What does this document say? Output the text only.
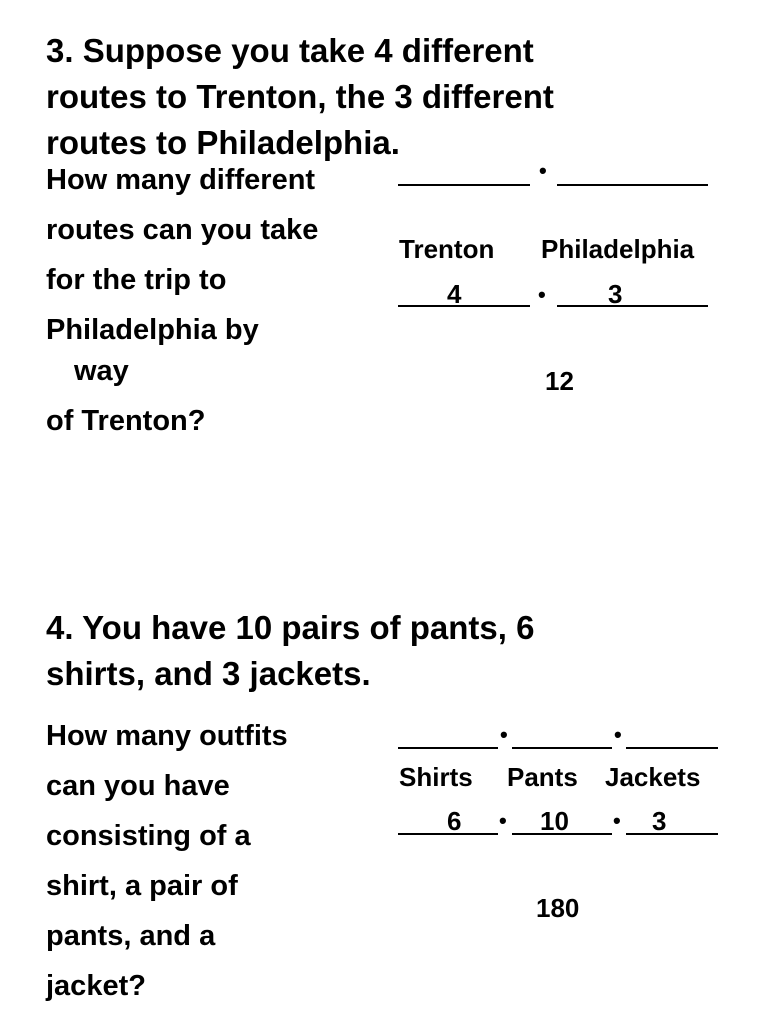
3. Suppose you take 4 different
routes to Trenton, the 3 different
routes to Philadelphia.
How many different
routes can you take
for the trip to
Philadelphia by
way
of Trenton?
•
Trenton Philadelphia
4	• 3
12
4. You have 10 pairs of pants, 6
shirts, and 3 jackets.
How many outfits
can you have
consisting of a
shirt, a pair of
pants, and a
jacket?
•	•
Shirts Pants Jackets
6 • 10 • 3
180
